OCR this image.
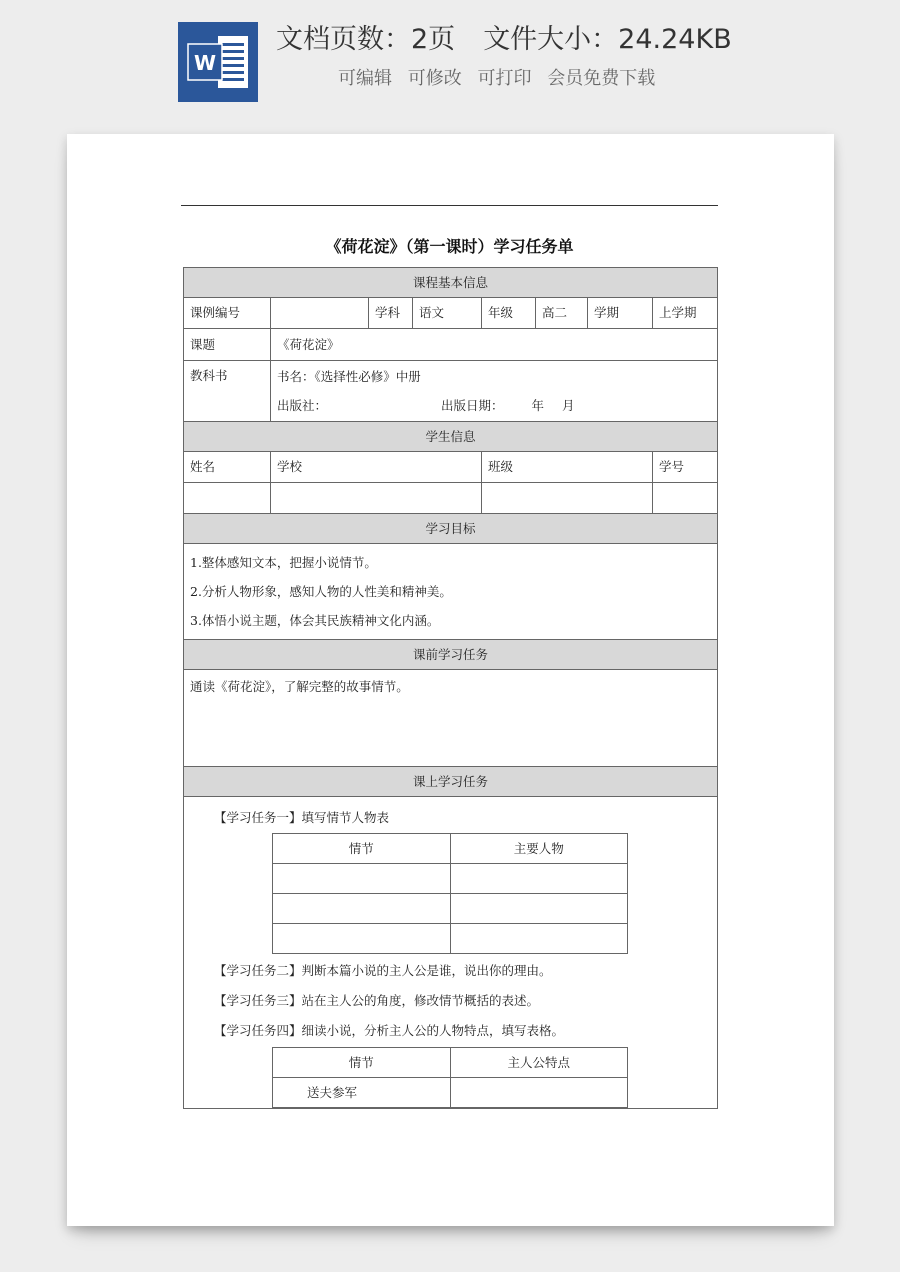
W
文档页数：2页 文件大小：24.24KB
可编辑 可修改 可打印 会员免费下载
《荷花淀》（第一课时）学习任务单
课程基本信息
课例编号		学科	语文	年级	高二	学期	上学期
课题	《荷花淀》
教科书	书名：《选择性必修》中册
出版社：	出版日期： 年 月

学生信息
姓名	学校	班级	学号

学习目标

1.整体感知文本，把握小说情节。
2.分析人物形象，感知人物的人性美和精神美。
3.体悟小说主题，体会其民族精神文化内涵。

课前学习任务
通读《荷花淀》，了解完整的故事情节。
课上学习任务

【学习任务一】填写情节人物表
情节	主要人物

【学习任务二】判断本篇小说的主人公是谁，说出你的理由。
【学习任务三】站在主人公的角度，修改情节概括的表述。
【学习任务四】细读小说，分析主人公的人物特点，填写表格。
情节	主人公特点
送夫参军	
